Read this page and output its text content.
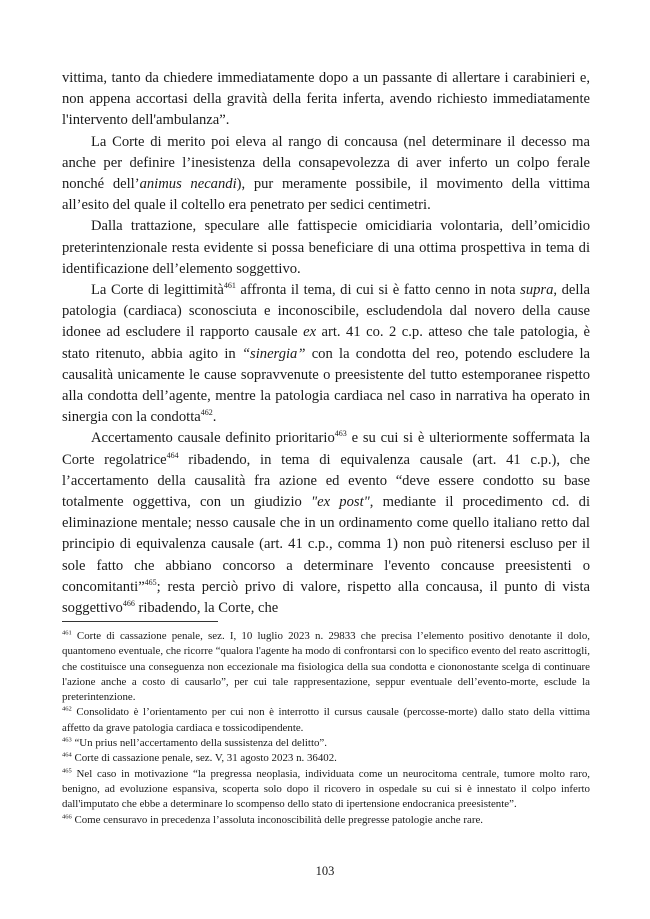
vittima, tanto da chiedere immediatamente dopo a un passante di allertare i carabinieri e, non appena accortasi della gravità della ferita inferta, avendo richiesto immediatamente l'intervento dell'ambulanza”.

La Corte di merito poi eleva al rango di concausa (nel determinare il decesso ma anche per definire l’inesistenza della consapevolezza di aver inferto un colpo ferale nonché dell’animus necandi), pur meramente possibile, il movimento della vittima all’esito del quale il coltello era penetrato per sedici centimetri.

Dalla trattazione, speculare alle fattispecie omicidiaria volontaria, dell’omicidio preterintenzionale resta evidente si possa beneficiare di una ottima prospettiva in tema di identificazione dell’elemento soggettivo.

La Corte di legittimità$^{461}$ affronta il tema, di cui si è fatto cenno in nota supra, della patologia (cardiaca) sconosciuta e inconoscibile, escludendola dal novero della cause idonee ad escludere il rapporto causale ex art. 41 co. 2 c.p. atteso che tale patologia, è stato ritenuto, abbia agito in “sinergia” con la condotta del reo, potendo escludere la causalità unicamente le cause sopravvenute o preesistente del tutto estemporanee rispetto alla condotta dell’agente, mentre la patologia cardiaca nel caso in narrativa ha operato in sinergia con la condotta$^{462}$.

Accertamento causale definito prioritario$^{463}$ e su cui si è ulteriormente soffermata la Corte regolatrice$^{464}$ ribadendo, in tema di equivalenza causale (art. 41 c.p.), che l’accertamento della causalità fra azione ed evento “deve essere condotto su base totalmente oggettiva, con un giudizio "ex post", mediante il procedimento cd. di eliminazione mentale; nesso causale che in un ordinamento come quello italiano retto dal principio di equivalenza causale (art. 41 c.p., comma 1) non può ritenersi escluso per il sole fatto che abbiano concorso a determinare l'evento concause preesistenti o concomitanti”$^{465}$; resta perciò privo di valore, rispetto alla concausa, il punto di vista soggettivo$^{466}$ ribadendo, la Corte, che

$^{461}$ Corte di cassazione penale, sez. I, 10 luglio 2023 n. 29833 che precisa l’elemento positivo denotante il dolo, quantomeno eventuale, che ricorre “qualora l'agente ha modo di confrontarsi con lo specifico evento del reato ascrittogli, che costituisce una conseguenza non eccezionale ma fisiologica della sua condotta e ciononostante scelga di continuare l'azione anche a costo di causarlo”, per cui tale rappresentazione, seppur eventuale dell’evento-morte, esclude la preterintenzione.

$^{462}$ Consolidato è l’orientamento per cui non è interrotto il cursus causale (percosse-morte) dallo stato della vittima affetto da grave patologia cardiaca e tossicodipendente.

$^{463}$ “Un prius nell’accertamento della sussistenza del delitto”.

$^{464}$ Corte di cassazione penale, sez. V, 31 agosto 2023 n. 36402.

$^{465}$ Nel caso in motivazione “la pregressa neoplasia, individuata come un neurocitoma centrale, tumore molto raro, benigno, ad evoluzione espansiva, scoperta solo dopo il ricovero in ospedale su cui si è innestato il colpo inferto dall'imputato che ebbe a determinare lo scompenso dello stato di ipertensione endocranica preesistente”.

$^{466}$ Come censuravo in precedenza l’assoluta inconoscibilità delle pregresse patologie anche rare.

103
